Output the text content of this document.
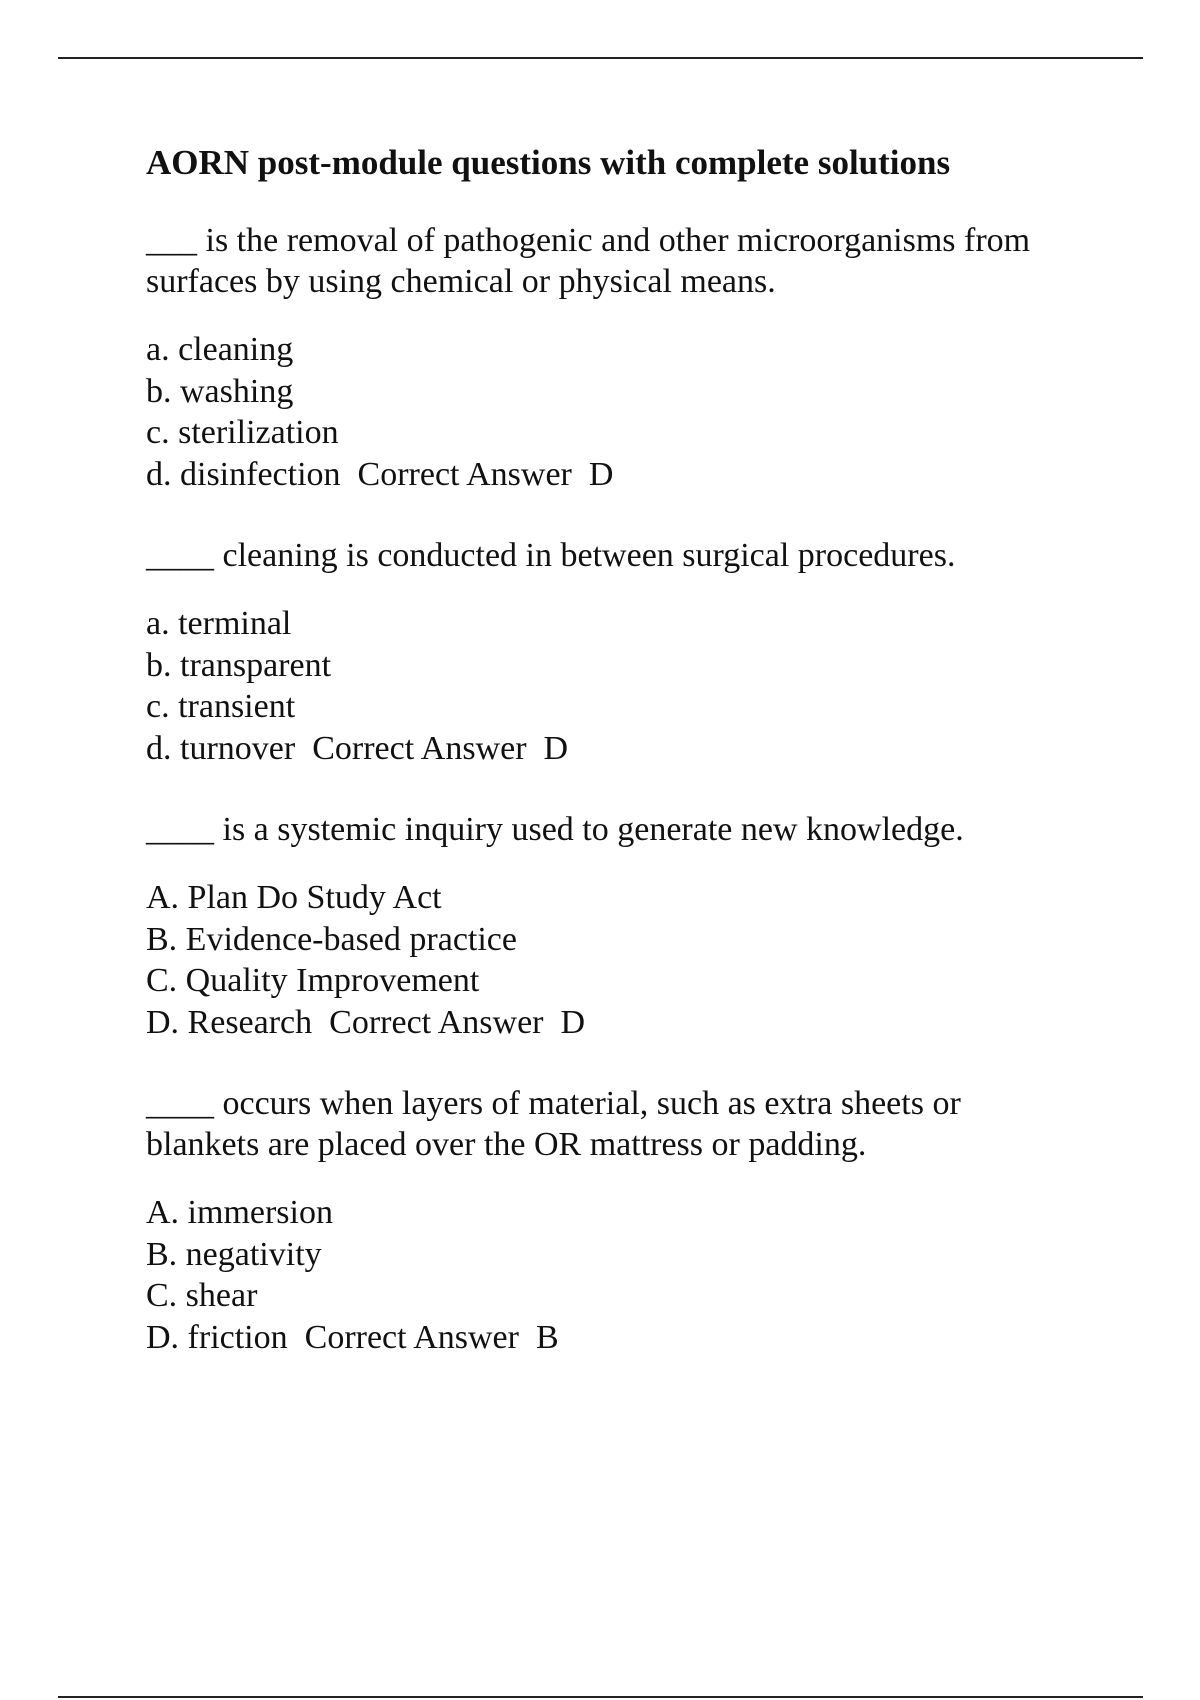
AORN post-module questions with complete solutions
___ is the removal of pathogenic and other microorganisms from surfaces by using chemical or physical means.
a. cleaning
b. washing
c. sterilization
d. disinfection Correct Answer D
____ cleaning is conducted in between surgical procedures.
a. terminal
b. transparent
c. transient
d. turnover Correct Answer D
____ is a systemic inquiry used to generate new knowledge.
A. Plan Do Study Act
B. Evidence-based practice
C. Quality Improvement
D. Research Correct Answer D
____ occurs when layers of material, such as extra sheets or blankets are placed over the OR mattress or padding.
A. immersion
B. negativity
C. shear
D. friction Correct Answer B
